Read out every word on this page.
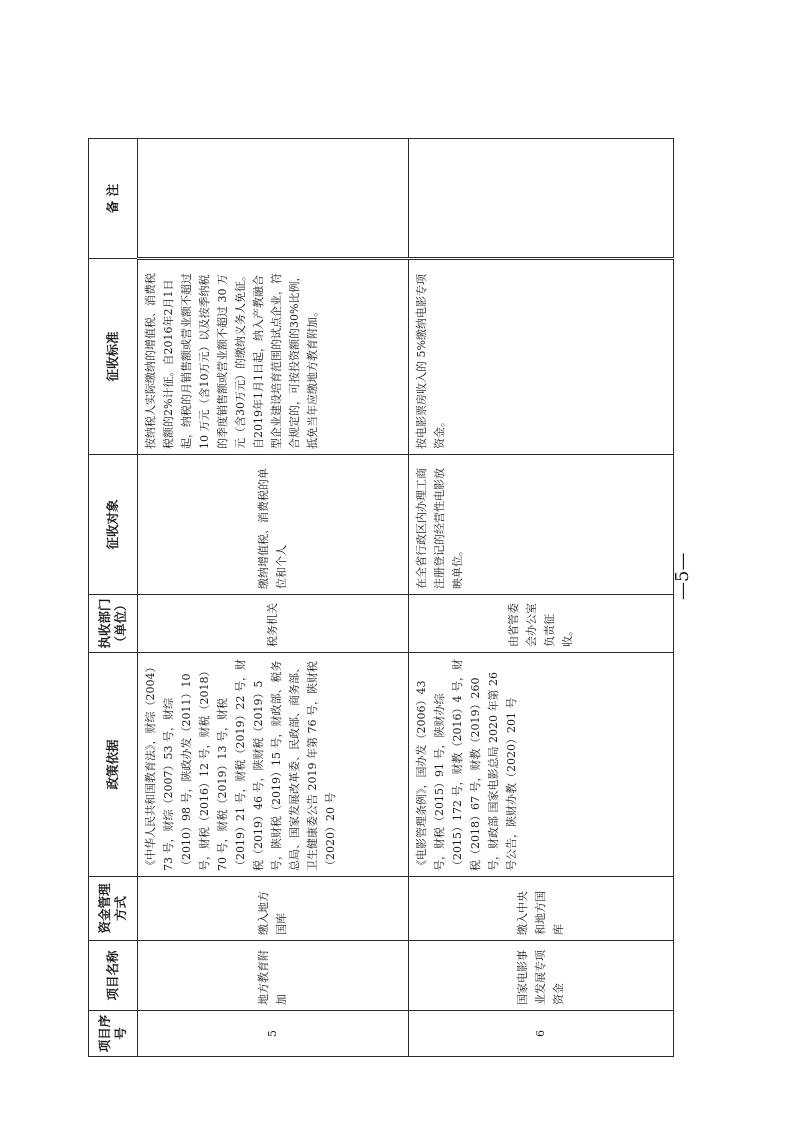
项目序号	项目名称	资金管理方式	政策依据	执收部门（单位）	征收对象	征收标准	备 注
5	地方教育附加	缴入地方国库	《中华人民共和国教育法》，财综（2004）73 号，财综（2007）53 号，财综（2010）98 号，陕政办发（2011）10 号，财税（2016）12 号，财税（2018）70 号，财税（2019）13 号，财税（2019）21 号，财税（2019）22 号，财税（2019）46 号，陕财税（2019）5 号，陕财税（2019）15 号，财政部、税务总局、国家发展改革委、民政部、商务部、卫生健康委公告 2019 年第 76 号，陕财税（2020）20 号	税务机关	缴纳增值税、消费税的单位和个人	按纳税人实际缴纳的增值税、消费税税额的2%计征。自2016年2月1日起，纳税的月销售额或营业额不超过 10 万元（含10万元）以及按季纳税的季度销售额或营业额不超过 30 万元（含30万元）的缴纳义务人免征。自2019年1月1日起，纳入产教融合型企业建设培育范围的试点企业，符合规定的，可按投资额的30%比例，抵免当年应缴地方教育附加。	
6	国家电影事业发展专项资金	缴入中央和地方国库	《电影管理条例》，国办发（2006）43 号，财税（2015）91 号，陕财办综（2015）172 号，财教（2016）4 号，财税（2018）67 号，财教（2019）260 号，财政部 国家电影总局 2020 年第 26 号公告，陕财办教（2020）201 号	由省管委会办公室负责征收。	在全省行政区内办理工商注册登记的经营性电影放映单位。	按电影票房收入的 5%缴纳电影专项资金。	
—5—
